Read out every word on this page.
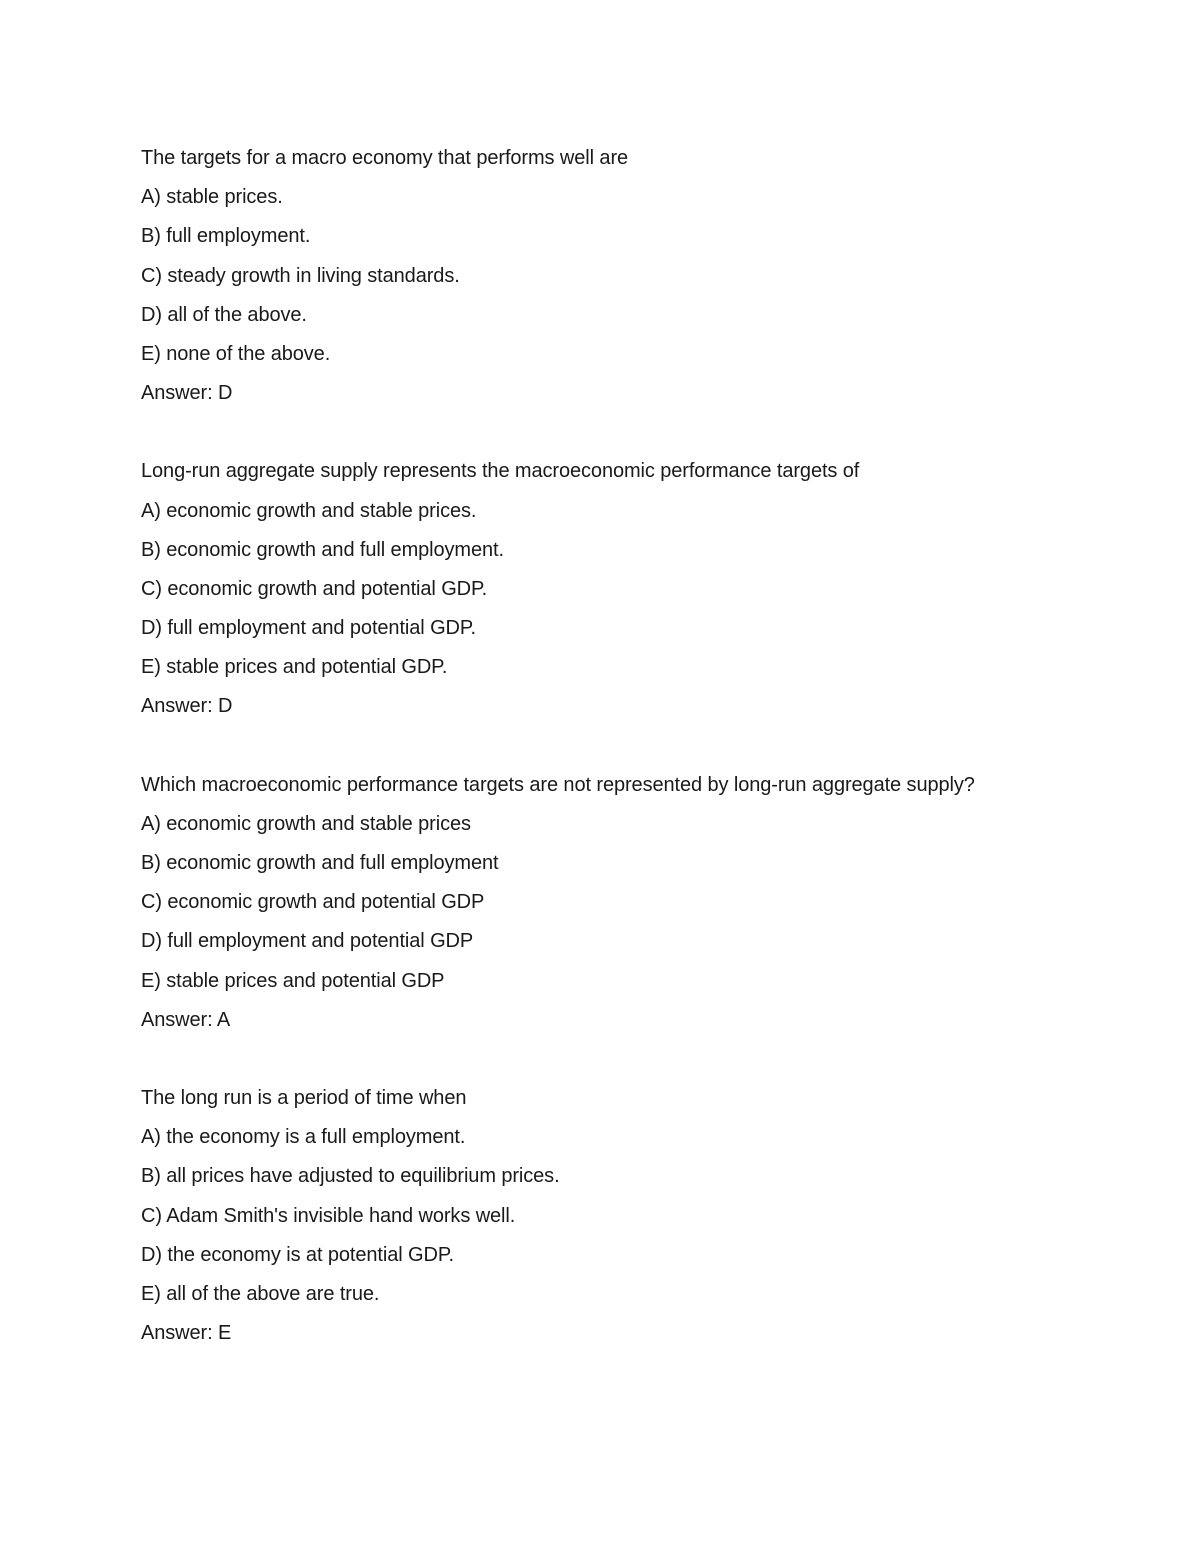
The targets for a macro economy that performs well are
A) stable prices.
B) full employment.
C) steady growth in living standards.
D) all of the above.
E) none of the above.
Answer: D
Long-run aggregate supply represents the macroeconomic performance targets of
A) economic growth and stable prices.
B) economic growth and full employment.
C) economic growth and potential GDP.
D) full employment and potential GDP.
E) stable prices and potential GDP.
Answer: D
Which macroeconomic performance targets are not represented by long-run aggregate supply?
A) economic growth and stable prices
B) economic growth and full employment
C) economic growth and potential GDP
D) full employment and potential GDP
E) stable prices and potential GDP
Answer: A
The long run is a period of time when
A) the economy is a full employment.
B) all prices have adjusted to equilibrium prices.
C) Adam Smith's invisible hand works well.
D) the economy is at potential GDP.
E) all of the above are true.
Answer: E
